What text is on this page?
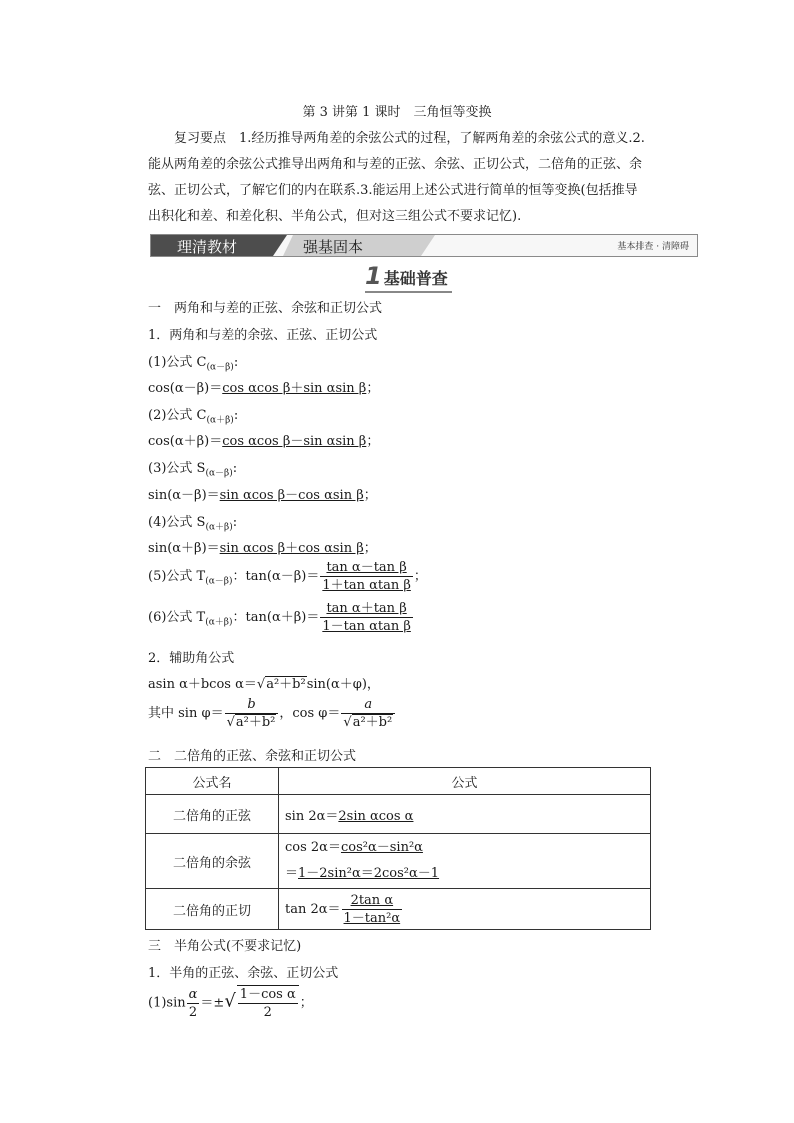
第 3 讲第 1 课时　三角恒等变换

复习要点　1.经历推导两角差的余弦公式的过程，了解两角差的余弦公式的意义.2.能从两角差的余弦公式推导出两角和与差的正弦、余弦、正切公式，二倍角的正弦、余弦、正切公式，了解它们的内在联系.3.能运用上述公式进行简单的恒等变换(包括推导出积化和差、和差化积、半角公式，但对这三组公式不要求记忆).

理清教材	强基固本	基本排查 · 清障碍
1 基础普查
一　两角和与差的正弦、余弦和正切公式
1．两角和与差的余弦、正弦、正切公式
(1)公式 $C_{(\alpha-\beta)}$:
cos(α－β)＝cos αcos β＋sin αsin β；
(2)公式 $C_{(\alpha+\beta)}$:
cos(α＋β)＝cos αcos β－sin αsin β；
(3)公式 $S_{(\alpha-\beta)}$:
sin(α－β)＝sin αcos β－cos αsin β；
(4)公式 $S_{(\alpha+\beta)}$:
sin(α＋β)＝sin αcos β＋cos αsin β；
(5)公式 $T_{(\alpha-\beta)}$：$\tan(\alpha-\beta)= \frac{\text{tan α－tan β}}{\text{1＋tan αtan β}}$ ；
(6)公式 $T_{(\alpha+\beta)}$：$\tan(\alpha+\beta)= \frac{\text{tan α＋tan β}}{\text{1－tan αtan β}}$
2．辅助角公式
asin α＋bcos α＝√a²＋b²sin(α＋φ)，
其中 $\sin \varphi= \frac{b}{\text{√a²＋b²}}$ ，$\cos \varphi= \frac{a}{\text{√a²＋b²}}$
二　二倍角的正弦、余弦和正切公式
公式名	公式
二倍角的正弦	sin 2α＝2sin αcos α
二倍角的余弦	cos 2α＝cos²α－sin²α
＝1－2sin²α＝2cos²α－1

二倍角的正切	$\tan 2\alpha= \frac{\text{2tan α}}{\text{1－tan²α}}$
三　半角公式(不要求记忆)
1．半角的正弦、余弦、正切公式
$(1)\sin \frac{\alpha}{2}$ ＝±√ $\frac{\text{1－cos α}}{2}$ ；
